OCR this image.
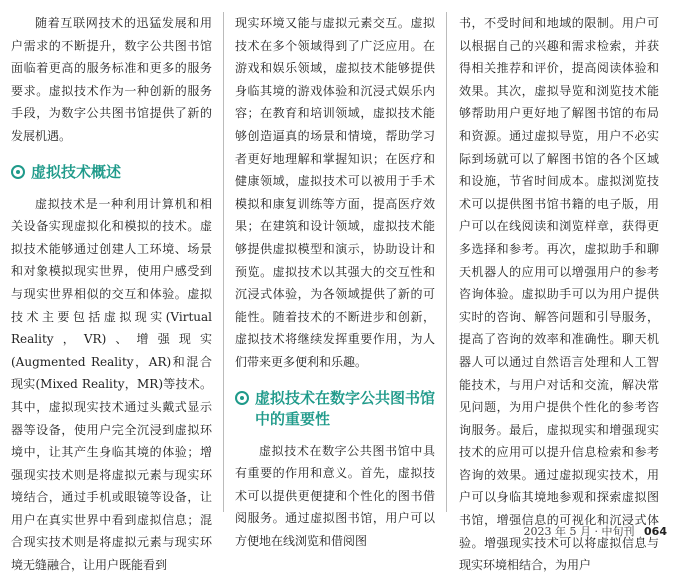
随着互联网技术的迅猛发展和用户需求的不断提升，数字公共图书馆面临着更高的服务标准和更多的服务要求。虚拟技术作为一种创新的服务手段，为数字公共图书馆提供了新的发展机遇。

虚拟技术概述

虚拟技术是一种利用计算机和相关设备实现虚拟化和模拟的技术。虚拟技术能够通过创建人工环境、场景和对象模拟现实世界，使用户感受到与现实世界相似的交互和体验。虚拟技术主要包括虚拟现实(Virtual Reality，VR)、增强现实(Augmented Reality，AR)和混合现实(Mixed Reality，MR)等技术。其中，虚拟现实技术通过头戴式显示器等设备，使用户完全沉浸到虚拟环境中，让其产生身临其境的体验；增强现实技术则是将虚拟元素与现实环境结合，通过手机或眼镜等设备，让用户在真实世界中看到虚拟信息；混合现实技术则是将虚拟元素与现实环境无缝融合，让用户既能看到

现实环境又能与虚拟元素交互。虚拟技术在多个领域得到了广泛应用。在游戏和娱乐领域，虚拟技术能够提供身临其境的游戏体验和沉浸式娱乐内容；在教育和培训领域，虚拟技术能够创造逼真的场景和情境，帮助学习者更好地理解和掌握知识；在医疗和健康领域，虚拟技术可以被用于手术模拟和康复训练等方面，提高医疗效果；在建筑和设计领域，虚拟技术能够提供虚拟模型和演示，协助设计和预览。虚拟技术以其强大的交互性和沉浸式体验，为各领域提供了新的可能性。随着技术的不断进步和创新，虚拟技术将继续发挥重要作用，为人们带来更多便利和乐趣。

虚拟技术在数字公共图书馆中的重要性

虚拟技术在数字公共图书馆中具有重要的作用和意义。首先，虚拟技术可以提供更便捷和个性化的图书借阅服务。通过虚拟图书馆，用户可以方便地在线浏览和借阅图

书，不受时间和地域的限制。用户可以根据自己的兴趣和需求检索，并获得相关推荐和评价，提高阅读体验和效果。其次，虚拟导览和浏览技术能够帮助用户更好地了解图书馆的布局和资源。通过虚拟导览，用户不必实际到场就可以了解图书馆的各个区域和设施，节省时间成本。虚拟浏览技术可以提供图书馆书籍的电子版，用户可以在线阅读和浏览样章，获得更多选择和参考。再次，虚拟助手和聊天机器人的应用可以增强用户的参考咨询体验。虚拟助手可以为用户提供实时的咨询、解答问题和引导服务，提高了咨询的效率和准确性。聊天机器人可以通过自然语言处理和人工智能技术，与用户对话和交流，解决常见问题，为用户提供个性化的参考咨询服务。最后，虚拟现实和增强现实技术的应用可以提升信息检索和参考咨询的效果。通过虚拟现实技术，用户可以身临其境地参观和探索虚拟图书馆，增强信息的可视化和沉浸式体验。增强现实技术可以将虚拟信息与现实环境相结合，为用户

2023 年 5 月 · 中旬刊 064
